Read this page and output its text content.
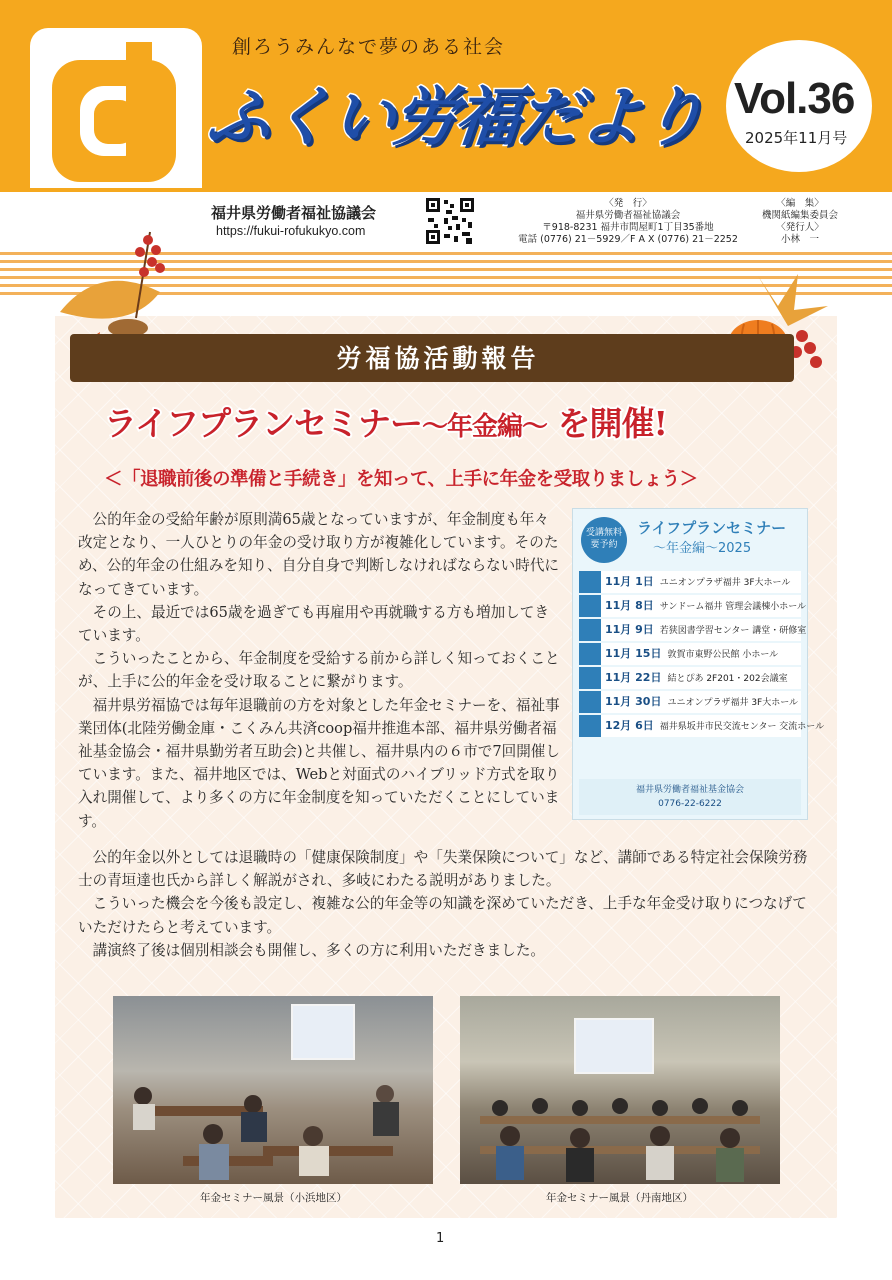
創ろうみんなで夢のある社会
ふくい労福だより Vol.36
2025年11月号
福井県労働者福祉協議会
https://fukui-rofukukyo.com
〈発　行〉
福井県労働者福祉協議会
〒918-8231 福井市問屋町1丁目35番地
電話 (0776) 21－5929／F A X (0776) 21－2252
〈編　集〉
機関紙編集委員会
〈発行人〉
小林　一
労福協活動報告
ライフプランセミナー～年金編～ を開催!
＜「退職前後の準備と手続き」を知って、上手に年金を受取りましょう＞

公的年金の受給年齢が原則満65歳となっていますが、年金制度も年々改定となり、一人ひとりの年金の受け取り方が複雑化しています。そのため、公的年金の仕組みを知り、自分自身で判断しなければならない時代になってきています。

その上、最近では65歳を過ぎても再雇用や再就職する方も増加してきています。

こういったことから、年金制度を受給する前から詳しく知っておくことが、上手に公的年金を受け取ることに繋がります。

福井県労福協では毎年退職前の方を対象とした年金セミナーを、福祉事業団体(北陸労働金庫・こくみん共済coop福井推進本部、福井県労働者福祉基金協会・福井県勤労者互助会)と共催し、福井県内の６市で7回開催しています。また、福井地区では、Webと対面式のハイブリッド方式を取り入れ開催して、より多くの方に年金制度を知っていただくことにしています。

受講無料 要予約
ライフプランセミナー
～年金編～2025
11月 1日 ユニオンプラザ福井 3F大ホール
11月 8日 サンドーム福井 管理会議棟小ホール
11月 9日 若狭図書学習センター 講堂・研修室
11月 15日 敦賀市東野公民館 小ホール
11月 22日 結とぴあ 2F201・202会議室
11月 30日 ユニオンプラザ福井 3F大ホール
12月 6日 福井県坂井市民交流センター 交流ホール
福井県労働者福祉基金協会
0776-22-6222

公的年金以外としては退職時の「健康保険制度」や「失業保険について」など、講師である特定社会保険労務士の青垣達也氏から詳しく解説がされ、多岐にわたる説明がありました。

こういった機会を今後も設定し、複雑な公的年金等の知識を深めていただき、上手な年金受け取りにつなげていただけたらと考えています。

講演終了後は個別相談会も開催し、多くの方に利用いただきました。

年金セミナー風景（小浜地区）	年金セミナー風景（丹南地区）
1
